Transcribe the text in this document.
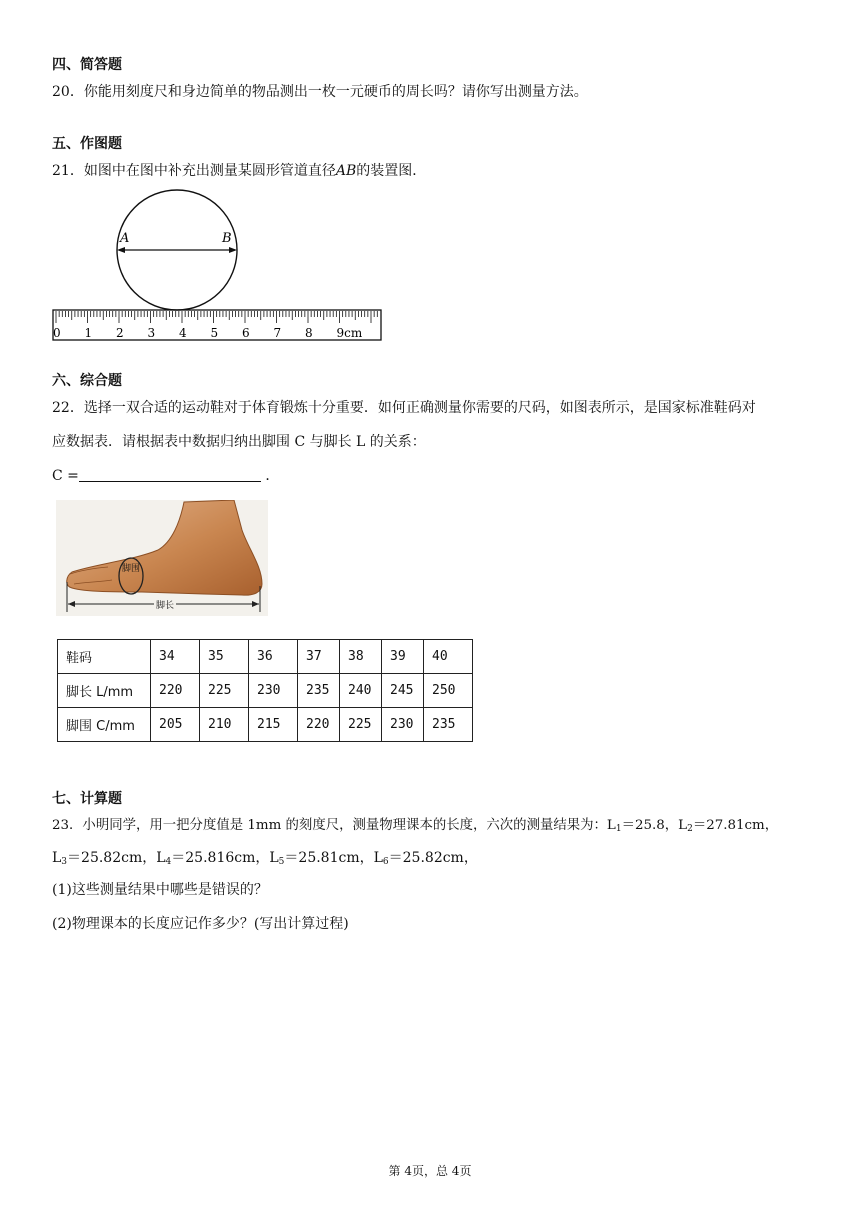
四、简答题
20．你能用刻度尺和身边简单的物品测出一枚一元硬币的周长吗？请你写出测量方法。
五、作图题
21．如图中在图中补充出测量某圆形管道直径AB的装置图．
A	B
0 1 2 3 4 5 6 7 8 9cm
六、综合题
22．选择一双合适的运动鞋对于体育锻炼十分重要．如何正确测量你需要的尺码，如图表所示，是国家标准鞋码对
应数据表．请根据表中数据归纳出脚围 C 与脚长 L 的关系：
C =	．
脚围
脚长
鞋码	34	35	36	37	38	39	40
脚长 L/mm	220	225	230	235	240	245	250
脚围 C/mm	205	210	215	220	225	230	235
七、计算题
23．小明同学，用一把分度值是 1mm 的刻度尺，测量物理课本的长度，六次的测量结果为：$L_1=25.8$，$L_2=27.81cm$，
$L_3=25.82cm$，$L_4=25.816cm$，$L_5=25.81cm$，$L_6=25.82cm$，
(1)这些测量结果中哪些是错误的？
(2)物理课本的长度应记作多少？(写出计算过程)
第 4页，总 4页
